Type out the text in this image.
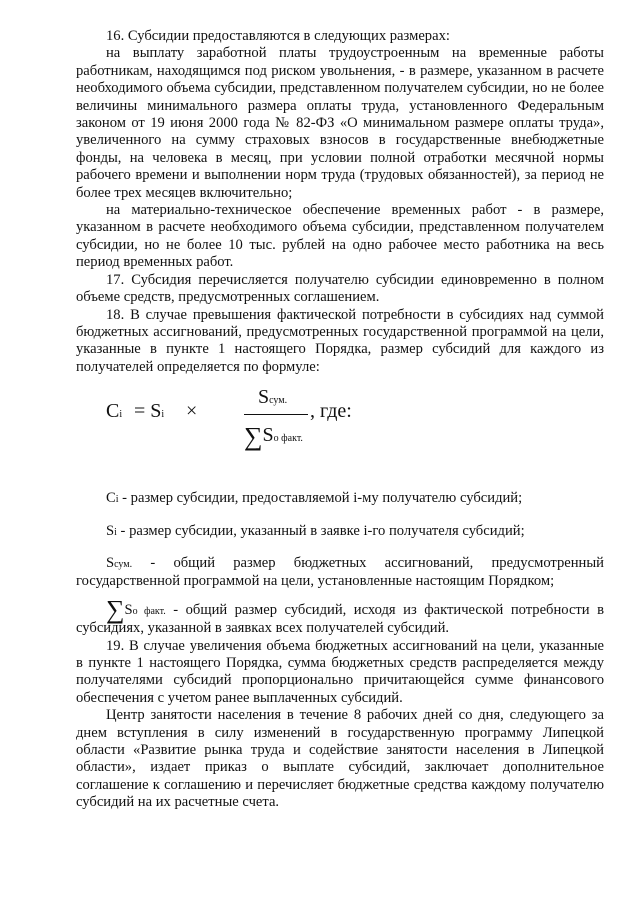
16. Субсидии предоставляются в следующих размерах:

на выплату заработной платы трудоустроенным на временные работы работникам, находящимся под риском увольнения, - в размере, указанном в расчете необходимого объема субсидии, представленном получателем субсидии, но не более величины минимального размера оплаты труда, установленного Федеральным законом от 19 июня 2000 года № 82-ФЗ «О минимальном размере оплаты труда», увеличенного на сумму страховых взносов в государственные внебюджетные фонды, на человека в месяц, при условии полной отработки месячной нормы рабочего времени и выполнении норм труда (трудовых обязанностей), за период не более трех месяцев включительно;

на материально-техническое обеспечение временных работ - в размере, указанном в расчете необходимого объема субсидии, представленном получателем субсидии, но не более 10 тыс. рублей на одно рабочее место работника на весь период временных работ.

17. Субсидия перечисляется получателю субсидии единовременно в полном объеме средств, предусмотренных соглашением.

18. В случае превышения фактической потребности в субсидиях над суммой бюджетных ассигнований, предусмотренных государственной программой на цели, указанные в пункте 1 настоящего Порядка, размер субсидий для каждого из получателей определяется по формуле:

Ci = Si ×
Sсум.
∑Sо факт.
, где:

Ci - размер субсидии, предоставляемой i-му получателю субсидий;

Si - размер субсидии, указанный в заявке i-го получателя субсидий;

Sсум. - общий размер бюджетных ассигнований, предусмотренный государственной программой на цели, установленные настоящим Порядком;

∑Sо факт. - общий размер субсидий, исходя из фактической потребности в субсидиях, указанной в заявках всех получателей субсидий.

19. В случае увеличения объема бюджетных ассигнований на цели, указанные в пункте 1 настоящего Порядка, сумма бюджетных средств распределяется между получателями субсидий пропорционально причитающейся сумме финансового обеспечения с учетом ранее выплаченных субсидий.

Центр занятости населения в течение 8 рабочих дней со дня, следующего за днем вступления в силу изменений в государственную программу Липецкой области «Развитие рынка труда и содействие занятости населения в Липецкой области», издает приказ о выплате субсидий, заключает дополнительное соглашение к соглашению и перечисляет бюджетные средства каждому получателю субсидий на их расчетные счета.
